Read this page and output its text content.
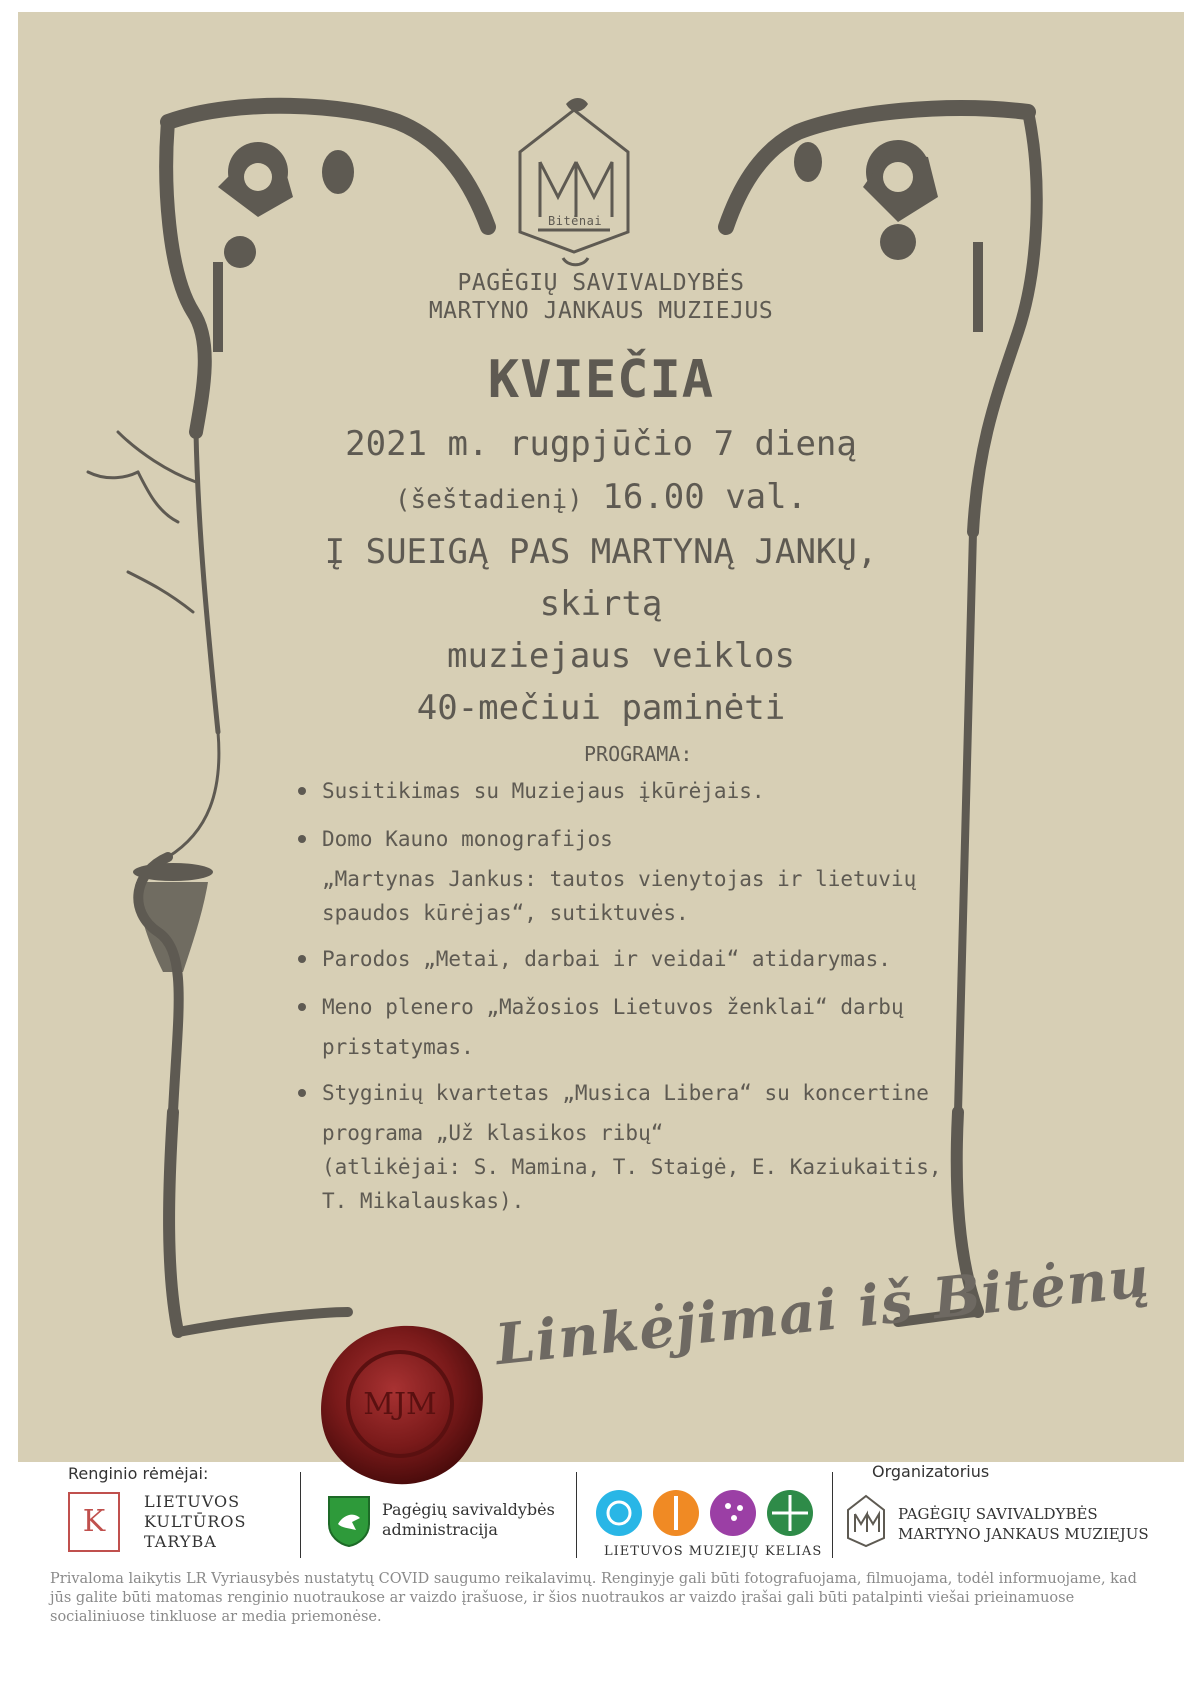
Bitėnai
PAGĖGIŲ SAVIVALDYBĖS
MARTYNO JANKAUS MUZIEJUS
KVIEČIA
2021 m. rugpjūčio 7 dieną
(šeštadienį) 16.00 val.
Į SUEIGĄ PAS MARTYNĄ JANKŲ,
skirtą
muziejaus veiklos
40-mečiui paminėti
PROGRAMA:
Susitikimas su Muziejaus įkūrėjais.
Domo Kauno monografijos
„Martynas Jankus: tautos vienytojas ir lietuvių
spaudos kūrėjas“, sutiktuvės.
Parodos „Metai, darbai ir veidai“ atidarymas.
Meno plenero „Mažosios Lietuvos ženklai“ darbų
pristatymas.
Styginių kvartetas „Musica Libera“ su koncertine
programa „Už klasikos ribų“
(atlikėjai: S. Mamina, T. Staigė, E. Kaziukaitis,
T. Mikalauskas).
Linkėjimai iš Bitėnų
MJM
Renginio rėmėjai:	Organizatorius
K
LIETUVOS
KULTŪROS
TARYBA
Pagėgių savivaldybės
administracija
LIETUVOS MUZIEJŲ KELIAS
PAGĖGIŲ SAVIVALDYBĖS
MARTYNO JANKAUS MUZIEJUS
Privaloma laikytis LR Vyriausybės nustatytų COVID saugumo reikalavimų. Renginyje gali būti fotografuojama, filmuojama, todėl informuojame, kad jūs galite būti matomas renginio nuotraukose ar vaizdo įrašuose, ir šios nuotraukos ar vaizdo įrašai gali būti patalpinti viešai prieinamuose socialiniuose tinkluose ar media priemonėse.
